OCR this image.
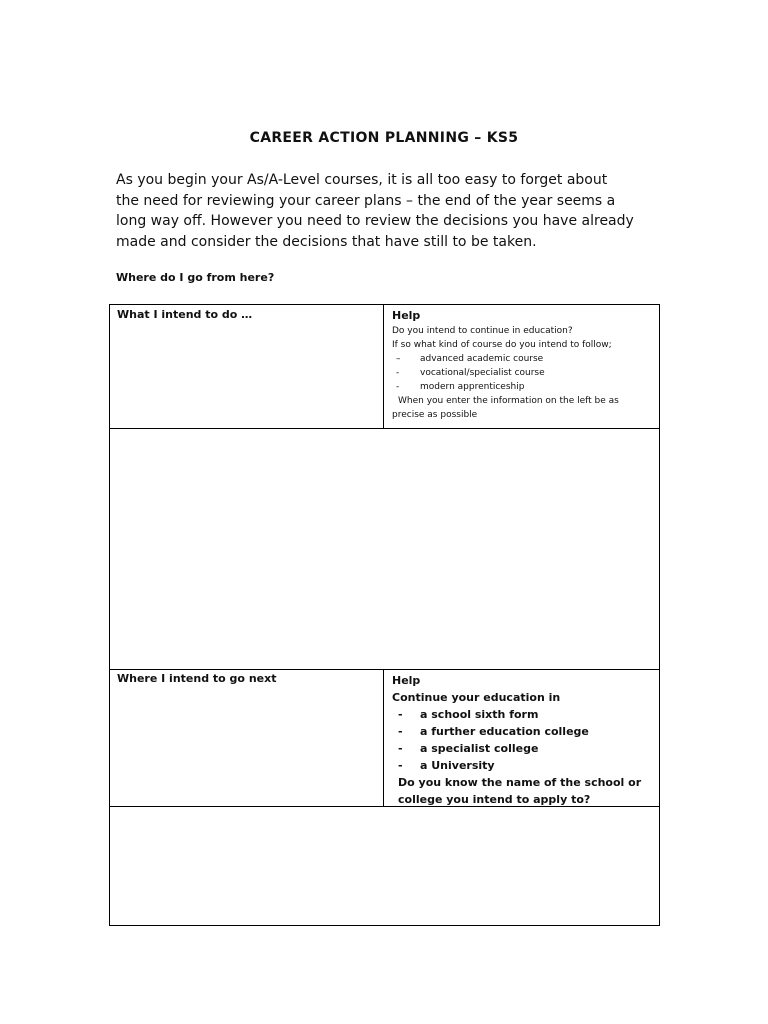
CAREER ACTION PLANNING – KS5

As you begin your As/A-Level courses, it is all too easy to forget about
the need for reviewing your career plans – the end of the year seems a
long way off. However you need to review the decisions you have already
made and consider the decisions that have still to be taken.

Where do I go from here?

What I intend to do …	Help
Do you intend to continue in education?
If so what kind of course do you intend to follow;
– advanced academic course
- vocational/specialist course
- modern apprenticeship
When you enter the information on the left be as
precise as possible
Where I intend to go next	Help
Continue your education in
- a school sixth form
- a further education college
- a specialist college
- a University
Do you know the name of the school or
college you intend to apply to?
